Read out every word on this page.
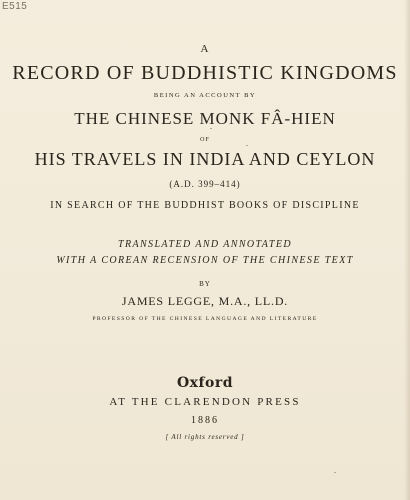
E515
A
RECORD OF BUDDHISTIC KINGDOMS
BEING AN ACCOUNT BY
THE CHINESE MONK FÂ-HIEN
OF
HIS TRAVELS IN INDIA AND CEYLON
(A.D. 399–414)
IN SEARCH OF THE BUDDHIST BOOKS OF DISCIPLINE
TRANSLATED AND ANNOTATED
WITH A COREAN RECENSION OF THE CHINESE TEXT
BY
JAMES LEGGE, M.A., LL.D.
PROFESSOR OF THE CHINESE LANGUAGE AND LITERATURE
Oxford
AT THE CLARENDON PRESS
1886
[ All rights reserved ]
